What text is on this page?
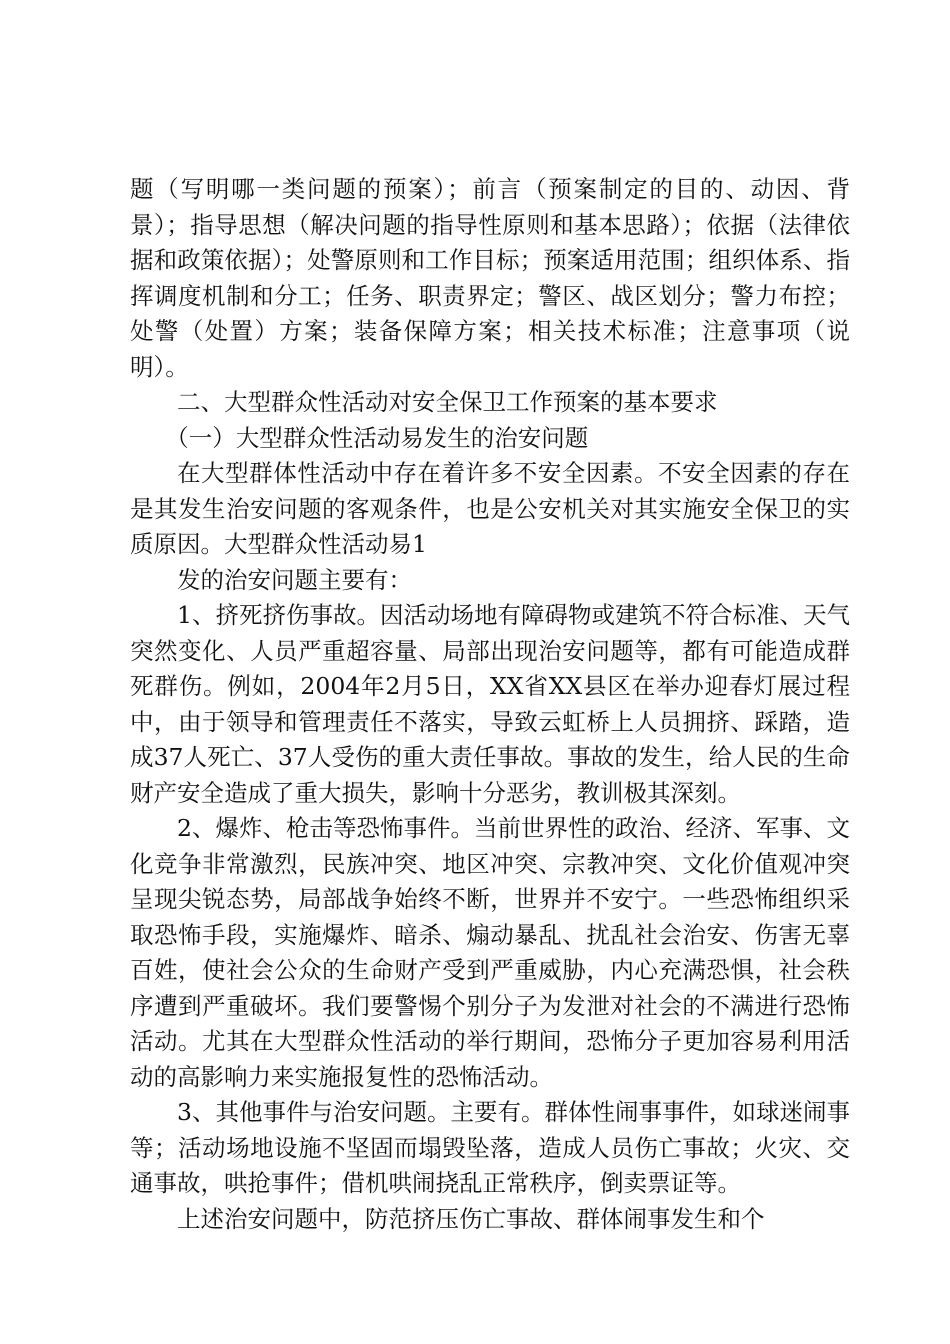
题（写明哪一类问题的预案）；前言（预案制定的目的、动因、背景）；指导思想（解决问题的指导性原则和基本思路）；依据（法律依据和政策依据）；处警原则和工作目标；预案适用范围；组织体系、指挥调度机制和分工；任务、职责界定；警区、战区划分；警力布控；处警（处置）方案；装备保障方案；相关技术标准；注意事项（说明）。

二、大型群众性活动对安全保卫工作预案的基本要求

（一）大型群众性活动易发生的治安问题

在大型群体性活动中存在着许多不安全因素。不安全因素的存在是其发生治安问题的客观条件，也是公安机关对其实施安全保卫的实质原因。大型群众性活动易1

发的治安问题主要有：

1、挤死挤伤事故。因活动场地有障碍物或建筑不符合标准、天气突然变化、人员严重超容量、局部出现治安问题等，都有可能造成群死群伤。例如，2004年2月5日，XX省XX县区在举办迎春灯展过程中，由于领导和管理责任不落实，导致云虹桥上人员拥挤、踩踏，造成37人死亡、37人受伤的重大责任事故。事故的发生，给人民的生命财产安全造成了重大损失，影响十分恶劣，教训极其深刻。

2、爆炸、枪击等恐怖事件。当前世界性的政治、经济、军事、文化竞争非常激烈，民族冲突、地区冲突、宗教冲突、文化价值观冲突呈现尖锐态势，局部战争始终不断，世界并不安宁。一些恐怖组织采取恐怖手段，实施爆炸、暗杀、煽动暴乱、扰乱社会治安、伤害无辜百姓，使社会公众的生命财产受到严重威胁，内心充满恐惧，社会秩序遭到严重破坏。我们要警惕个别分子为发泄对社会的不满进行恐怖活动。尤其在大型群众性活动的举行期间，恐怖分子更加容易利用活动的高影响力来实施报复性的恐怖活动。

3、其他事件与治安问题。主要有。群体性闹事事件，如球迷闹事等；活动场地设施不坚固而塌毁坠落，造成人员伤亡事故；火灾、交通事故，哄抢事件；借机哄闹挠乱正常秩序，倒卖票证等。

上述治安问题中，防范挤压伤亡事故、群体闹事发生和个
